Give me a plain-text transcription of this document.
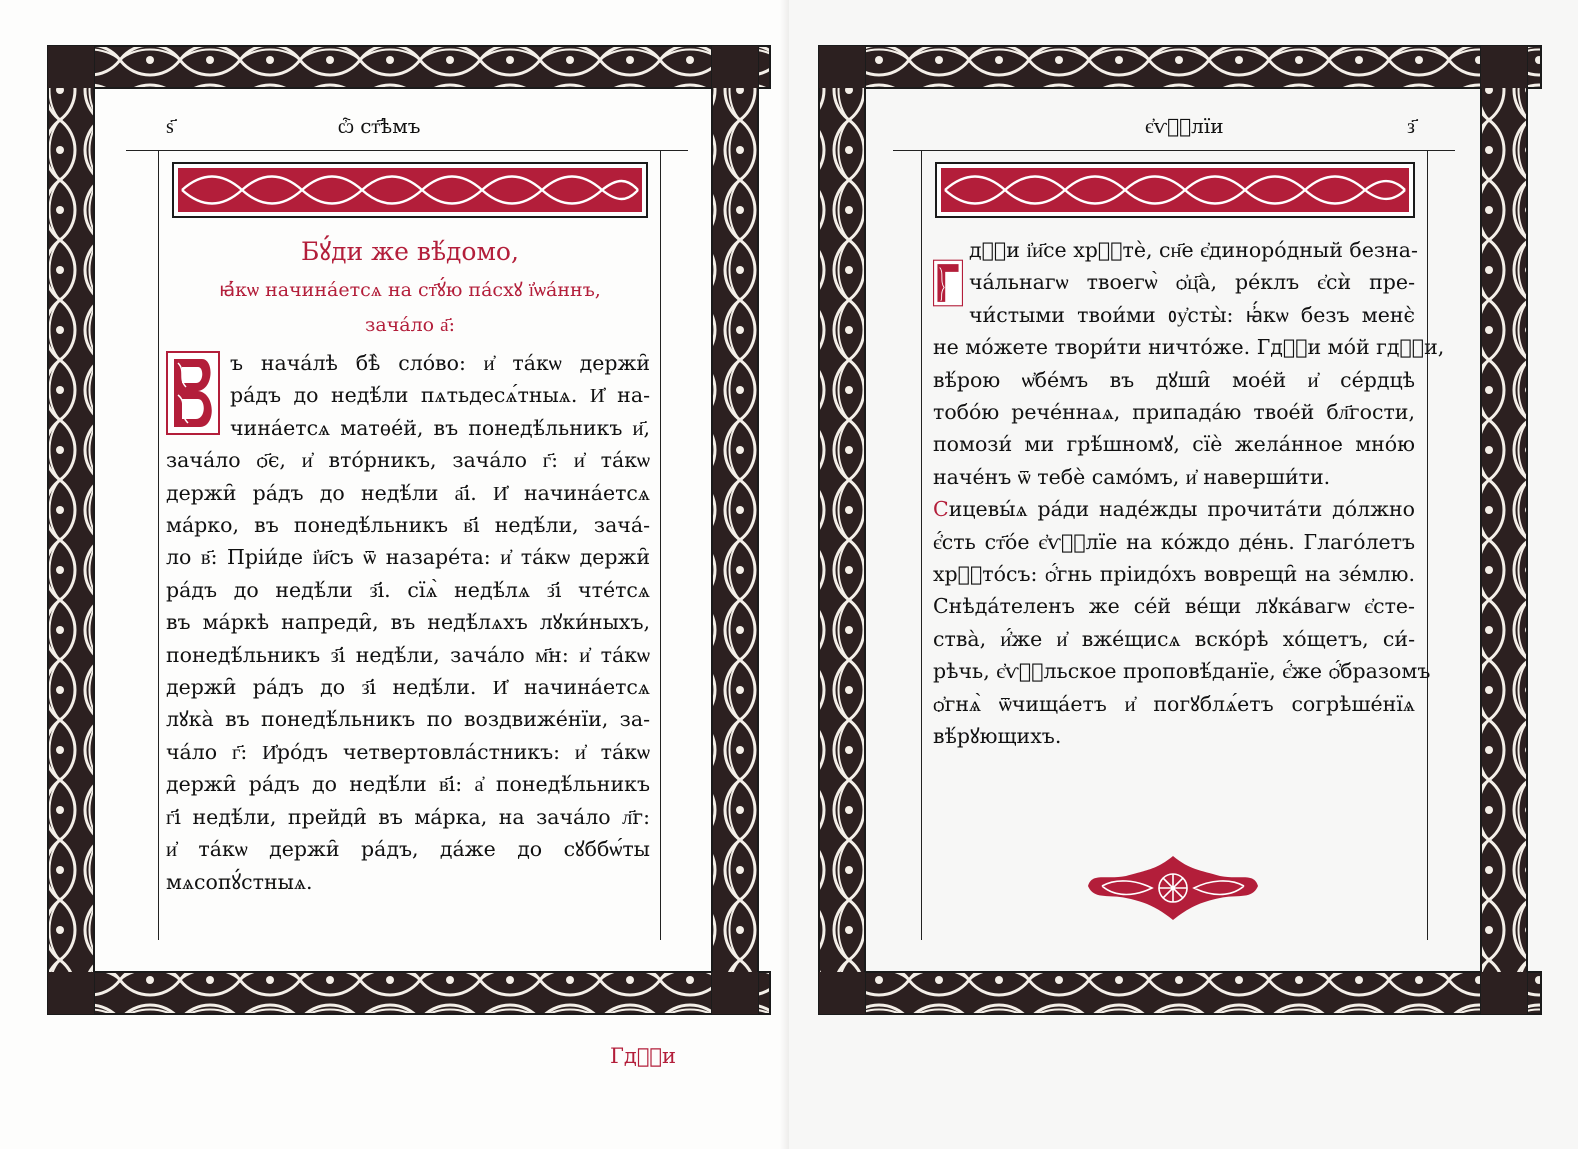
ѕ҃	ѽ ст҃ѣмъ
Бꙋ́ди же вѣ́домо,
ꙗ҆́кѡ начина́етсѧ на ст҃ꙋ́ю па́схꙋ ї҆ѡа́ннъ,
зача́ло а҃:
ъ нача́лѣ бѣ̀ сло́во: и҆ та́кѡ держи̑
ра́дъ до недѣ́ли пѧтьдесѧ́тныѧ. И҆ на-
чина́етсѧ матѳе́й, въ понедѣ́льникъ и҃,
зача́ло ѻ҃є, и҆ вто́рникъ, зача́ло г҃: и҆ та́кѡ
держи̑ ра́дъ до недѣ́ли а҃і. И҆ начина́етсѧ
ма́рко, въ понедѣ́льникъ в҃і недѣ́ли, зача́-
ло в҃: Пріи́де і҆и҃съ ѿ назаре́та: и҆ та́кѡ держи̑
ра́дъ до недѣ́ли з҃і. сїѧ̀ недѣ́лѧ з҃і чте́тсѧ
въ ма́ркѣ напреди̑, въ недѣ́лѧхъ лꙋки́ныхъ,
понедѣ́льникъ з҃і недѣ́ли, зача́ло м҃н: и҆ та́кѡ
держи̑ ра́дъ до з҃і недѣ́ли. И҆ начина́етсѧ
лꙋка̀ въ понедѣ́льникъ по воздвиже́нїи, за-
ча́ло г҃: И҆ро́дъ четвертовла́стникъ: и҆ та́кѡ
держи̑ ра́дъ до недѣ́ли в҃і: а҆ понедѣ́льникъ
г҃і недѣ́ли, прейди̑ въ ма́рка, на зача́ло л҃г:
и҆ та́кѡ держи̑ ра́дъ, да́же до сꙋббѡ́ты
мѧсопꙋ́стныѧ.
Гдⷭ҇и
є҆ѵⷢ҇лїи	з҃
дⷭ҇и і҆и҃се хрⷭ҇тѐ, сн҃е є҆динорóдный безна-
ча́льнагѡ твоегѡ̀ ѻ҆ц҃а̀, ре́клъ є҆сѝ пре-
чи́стыми твои́ми ᲂу҆сты̀: ꙗ҆́кѡ безъ менє̀
не мóжете твори́ти ничто́же. Гдⷭ҇и мо́й гдⷭ҇и,
вѣ́рою ѡ҆бе́мъ въ дꙋши̑ мое́й и҆ се́рдцѣ
тобо́ю рече́ннаѧ, припада́ю твое́й бл҃гости,
помози́ ми грѣ́шномꙋ, сїѐ жела́нное мно́ю
наче́нъ ѿ тебѐ само́мъ, и҆ наверши́ти.
Сицевы́ѧ ра́ди наде́жды прочита́ти дóлжно
є҆́сть ст҃о́е є҆ѵⷢ҇лїе на ко́ждо де́нь. Глаго́летъ
хрⷭ҇то́съ: ѻ҆́гнь пріидо́хъ воврещи̑ на зе́млю.
Снѣда́теленъ же се́й ве́щи лꙋка́вагѡ є҆сте-
ства̀, и҆́же и҆ вже́щисѧ вско́рѣ хо́щетъ, си́-
рѣчь, є҆ѵⷢ҇льское проповѣ́данїе, є҆́же ѻ҆́бразомъ
ѻ҆гнѧ̀ ѿчища́етъ и҆ погꙋблѧ́етъ согрѣше́нїѧ
вѣ́рꙋющихъ.
